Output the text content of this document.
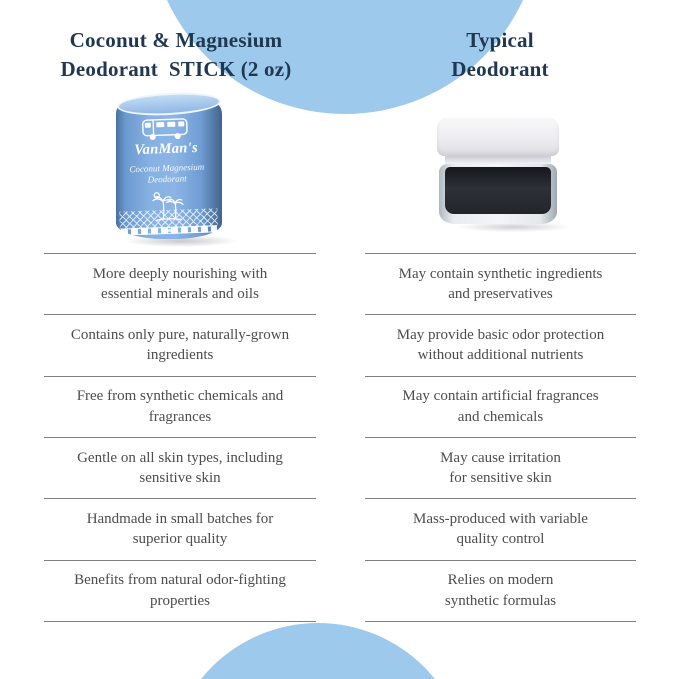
Coconut & Magnesium
Deodorant  STICK (2 oz)
Typical
Deodorant
VanMan's
Coconut Magnesium
Deodorant
More deeply nourishing with
essential minerals and oils
Contains only pure, naturally-grown
ingredients
Free from synthetic chemicals and
fragrances
Gentle on all skin types, including
sensitive skin
Handmade in small batches for
superior quality
Benefits from natural odor-fighting
properties
May contain synthetic ingredients
and preservatives
May provide basic odor protection
without additional nutrients
May contain artificial fragrances
and chemicals
May cause irritation
for sensitive skin
Mass-produced with variable
quality control
Relies on modern
synthetic formulas
